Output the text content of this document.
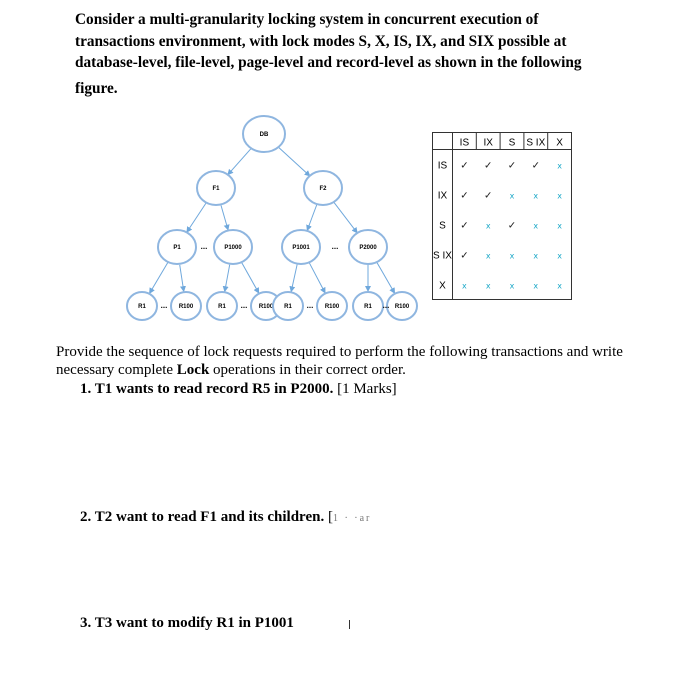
Consider a multi-granularity locking system in concurrent execution of transactions environment, with lock modes S, X, IS, IX, and SIX possible at database-level, file-level, page-level and record-level as shown in the following
figure.

DB
F1	F2
P1	P1000	P1001	P2000
R1	R100	R1	R100 R1	R100	R1	R100
...	...
...	...	...	...
IS IX S S IX X
IS ✓ ✓ ✓ ✓ x
IX ✓ ✓ x x x
S ✓ x ✓ x x
S IX ✓ x x x x
X x x x x x

Provide the sequence of lock requests required to perform the following transactions and write necessary complete Lock operations in their correct order.

1. T1 wants to read record R5 in P2000. [1 Marks]
2. T2 want to read F1 and its children. [1 · ·ar
3. T3 want to modify R1 in P1001
